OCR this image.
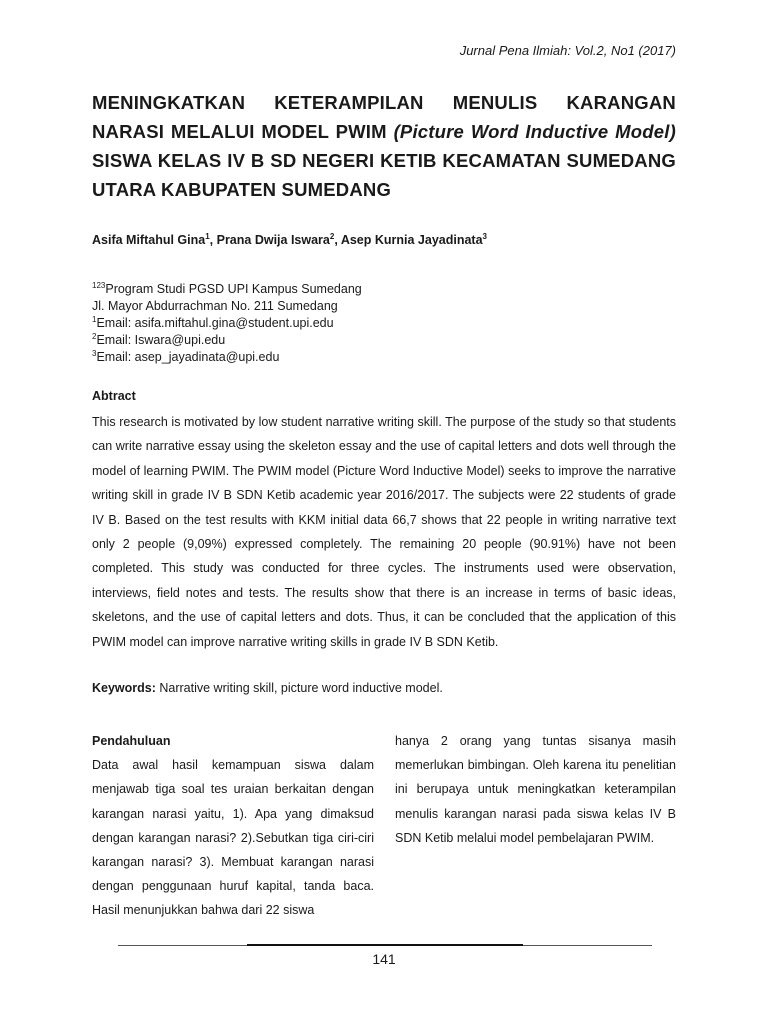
Jurnal Pena Ilmiah: Vol.2, No1 (2017)
MENINGKATKAN KETERAMPILAN MENULIS KARANGAN NARASI MELALUI MODEL PWIM (Picture Word Inductive Model) SISWA KELAS IV B SD NEGERI KETIB KECAMATAN SUMEDANG UTARA KABUPATEN SUMEDANG
Asifa Miftahul Gina$^1$, Prana Dwija Iswara$^2$, Asep Kurnia Jayadinata$^3$
$^{123}$Program Studi PGSD UPI Kampus Sumedang
Jl. Mayor Abdurrachman No. 211 Sumedang
$^1$Email: asifa.miftahul.gina@student.upi.edu
$^2$Email: Iswara@upi.edu
$^3$Email: asep_jayadinata@upi.edu
Abtract

This research is motivated by low student narrative writing skill. The purpose of the study so that students can write narrative essay using the skeleton essay and the use of capital letters and dots well through the model of learning PWIM. The PWIM model (Picture Word Inductive Model) seeks to improve the narrative writing skill in grade IV B SDN Ketib academic year 2016/2017. The subjects were 22 students of grade IV B. Based on the test results with KKM initial data 66,7 shows that 22 people in writing narrative text only 2 people (9,09%) expressed completely. The remaining 20 people (90.91%) have not been completed. This study was conducted for three cycles. The instruments used were observation, interviews, field notes and tests. The results show that there is an increase in terms of basic ideas, skeletons, and the use of capital letters and dots. Thus, it can be concluded that the application of this PWIM model can improve narrative writing skills in grade IV B SDN Ketib.

Keywords: Narrative writing skill, picture word inductive model.
Pendahuluan

Data awal hasil kemampuan siswa dalam menjawab tiga soal tes uraian berkaitan dengan karangan narasi yaitu, 1). Apa yang dimaksud dengan karangan narasi? 2).Sebutkan tiga ciri-ciri karangan narasi? 3). Membuat karangan narasi dengan penggunaan huruf kapital, tanda baca. Hasil menunjukkan bahwa dari 22 siswa

hanya 2 orang yang tuntas sisanya masih memerlukan bimbingan. Oleh karena itu penelitian ini berupaya untuk meningkatkan keterampilan menulis karangan narasi pada siswa kelas IV B SDN Ketib melalui model pembelajaran PWIM.

141
